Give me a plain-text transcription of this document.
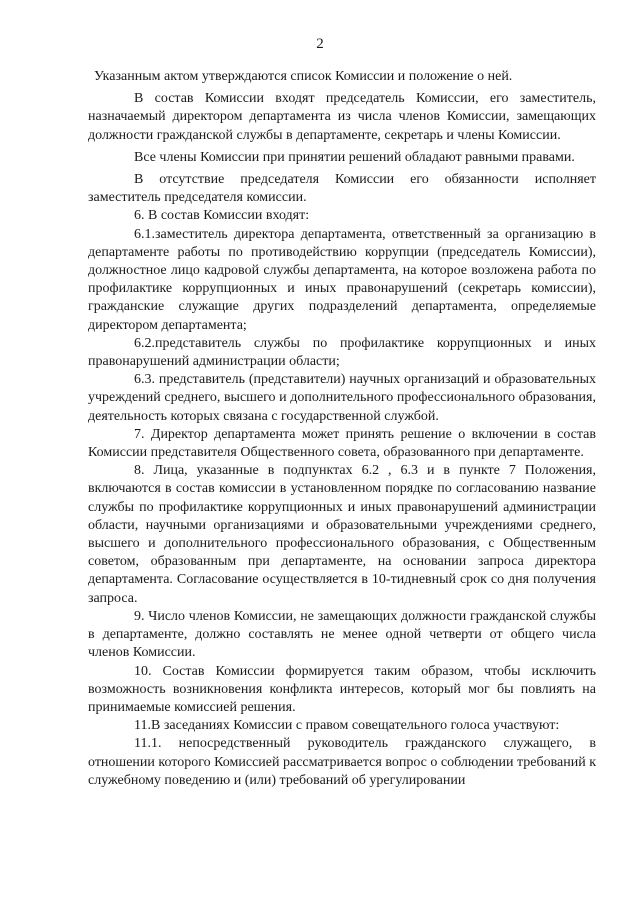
2

Указанным актом утверждаются список Комиссии и положение о ней.

В состав Комиссии входят председатель Комиссии, его заместитель, назначаемый директором департамента из числа членов Комиссии, замещающих должности гражданской службы в департаменте, секретарь и члены Комиссии.

Все члены Комиссии при принятии решений обладают равными правами.

В отсутствие председателя Комиссии его обязанности исполняет заместитель председателя комиссии.

6. В состав Комиссии входят:

6.1.заместитель директора департамента, ответственный за организацию в департаменте работы по противодействию коррупции (председатель Комиссии), должностное лицо кадровой службы департамента, на которое возложена работа по профилактике коррупционных и иных правонарушений (секретарь комиссии), гражданские служащие других подразделений департамента, определяемые директором департамента;

6.2.представитель службы по профилактике коррупционных и иных правонарушений администрации области;

6.3. представитель (представители) научных организаций и образовательных учреждений среднего, высшего и дополнительного профессионального образования, деятельность которых связана с государственной службой.

7. Директор департамента может принять решение о включении в состав Комиссии представителя Общественного совета, образованного при департаменте.

8. Лица, указанные в подпунктах 6.2 , 6.3 и в пункте 7 Положения, включаются в состав комиссии в установленном порядке по согласованию название службы по профилактике коррупционных и иных правонарушений администрации области, научными организациями и образовательными учреждениями среднего, высшего и дополнительного профессионального образования, с Общественным советом, образованным при департаменте, на основании запроса директора департамента. Согласование осуществляется в 10-тидневный срок со дня получения запроса.

9. Число членов Комиссии, не замещающих должности гражданской службы в департаменте, должно составлять не менее одной четверти от общего числа членов Комиссии.

10. Состав Комиссии формируется таким образом, чтобы исключить возможность возникновения конфликта интересов, который мог бы повлиять на принимаемые комиссией решения.

11.В заседаниях Комиссии с правом совещательного голоса участвуют:

11.1. непосредственный руководитель гражданского служащего, в отношении которого Комиссией рассматривается вопрос о соблюдении требований к служебному поведению и (или) требований об урегулировании
